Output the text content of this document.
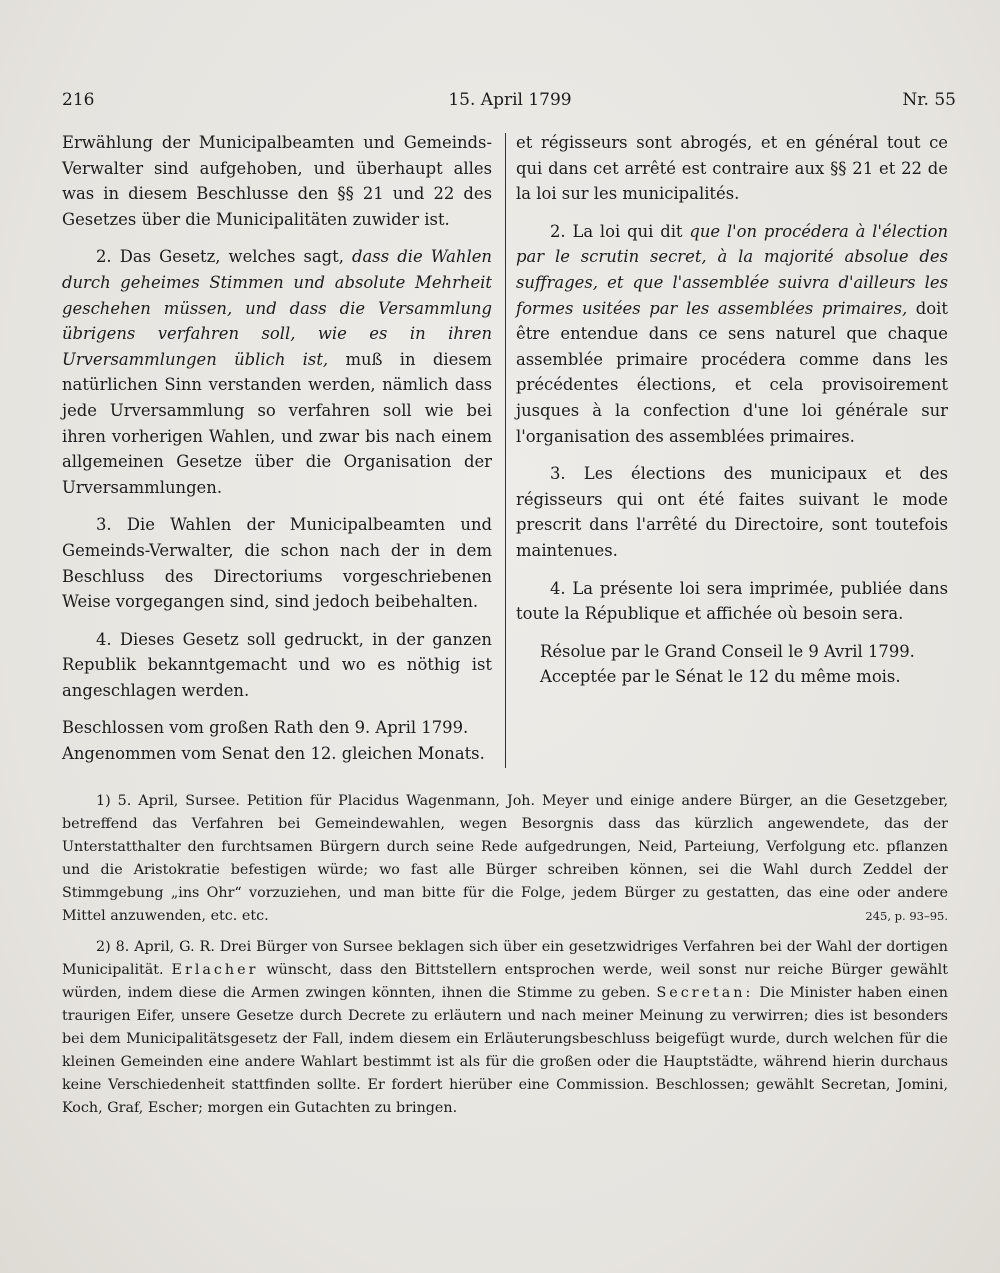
216	15. April 1799	Nr. 55

Erwählung der Municipalbeamten und Gemeinds-Verwalter sind aufgehoben, und überhaupt alles was in diesem Beschlusse den §§ 21 und 22 des Gesetzes über die Municipalitäten zuwider ist.

2. Das Gesetz, welches sagt, dass die Wahlen durch geheimes Stimmen und absolute Mehrheit geschehen müssen, und dass die Versammlung übrigens verfahren soll, wie es in ihren Urversammlungen üblich ist, muß in diesem natürlichen Sinn verstanden werden, nämlich dass jede Urversammlung so verfahren soll wie bei ihren vorherigen Wahlen, und zwar bis nach einem allgemeinen Gesetze über die Organisation der Urversammlungen.

3. Die Wahlen der Municipalbeamten und Gemeinds-Verwalter, die schon nach der in dem Beschluss des Directoriums vorgeschriebenen Weise vorgegangen sind, sind jedoch beibehalten.

4. Dieses Gesetz soll gedruckt, in der ganzen Republik bekanntgemacht und wo es nöthig ist angeschlagen werden.

Beschlossen vom großen Rath den 9. April 1799.
Angenommen vom Senat den 12. gleichen Monats.

et régisseurs sont abrogés, et en général tout ce qui dans cet arrêté est contraire aux §§ 21 et 22 de la loi sur les municipalités.

2. La loi qui dit que l'on procédera à l'élection par le scrutin secret, à la majorité absolue des suffrages, et que l'assemblée suivra d'ailleurs les formes usitées par les assemblées primaires, doit être entendue dans ce sens naturel que chaque assemblée primaire procédera comme dans les précédentes élections, et cela provisoirement jusques à la confection d'une loi générale sur l'organisation des assemblées primaires.

3. Les élections des municipaux et des régisseurs qui ont été faites suivant le mode prescrit dans l'arrêté du Directoire, sont toutefois maintenues.

4. La présente loi sera imprimée, publiée dans toute la République et affichée où besoin sera.

Résolue par le Grand Conseil le 9 Avril 1799.
Acceptée par le Sénat le 12 du même mois.

1) 5. April, Sursee. Petition für Placidus Wagenmann, Joh. Meyer und einige andere Bürger, an die Gesetzgeber, betreffend das Verfahren bei Gemeindewahlen, wegen Besorgnis dass das kürzlich angewendete, das der Unterstatthalter den furchtsamen Bürgern durch seine Rede aufgedrungen, Neid, Parteiung, Verfolgung etc. pflanzen und die Aristokratie befestigen würde; wo fast alle Bürger schreiben können, sei die Wahl durch Zeddel der Stimmgebung „ins Ohr“ vorzuziehen, und man bitte für die Folge, jedem Bürger zu gestatten, das eine oder andere Mittel anzuwenden, etc. etc.	245, p. 93–95.

2) 8. April, G. R. Drei Bürger von Sursee beklagen sich über ein gesetzwidriges Verfahren bei der Wahl der dortigen Municipalität. Erlacher wünscht, dass den Bittstellern entsprochen werde, weil sonst nur reiche Bürger gewählt würden, indem diese die Armen zwingen könnten, ihnen die Stimme zu geben. Secretan: Die Minister haben einen traurigen Eifer, unsere Gesetze durch Decrete zu erläutern und nach meiner Meinung zu verwirren; dies ist besonders bei dem Municipalitätsgesetz der Fall, indem diesem ein Erläuterungsbeschluss beigefügt wurde, durch welchen für die kleinen Gemeinden eine andere Wahlart bestimmt ist als für die großen oder die Hauptstädte, während hierin durchaus keine Verschiedenheit stattfinden sollte. Er fordert hierüber eine Commission. Beschlossen; gewählt Secretan, Jomini, Koch, Graf, Escher; morgen ein Gutachten zu bringen.
